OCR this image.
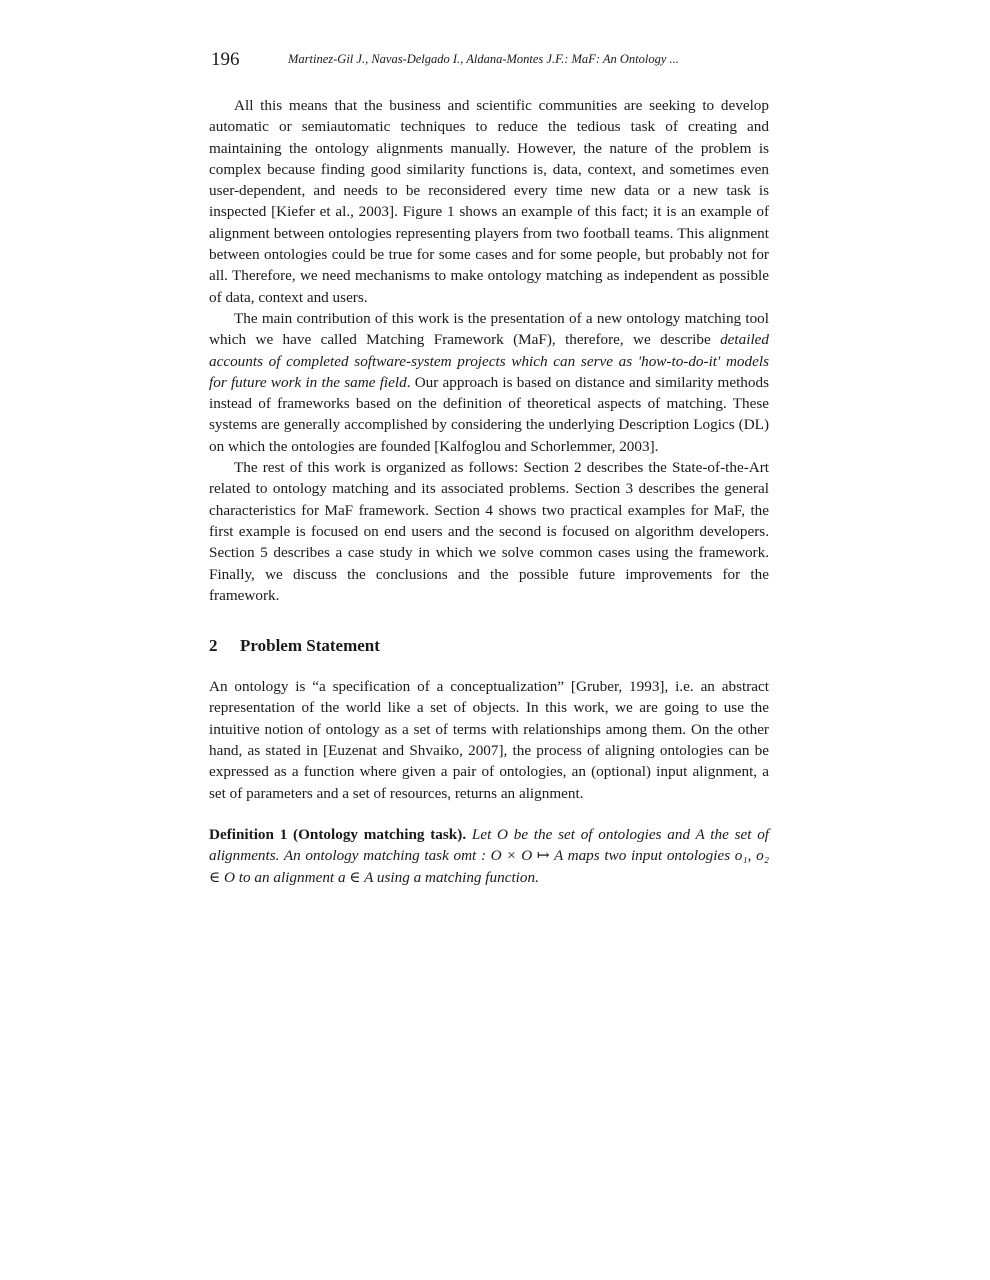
196	Martinez-Gil J., Navas-Delgado I., Aldana-Montes J.F.: MaF: An Ontology ...

All this means that the business and scientific communities are seeking to develop automatic or semiautomatic techniques to reduce the tedious task of creating and maintaining the ontology alignments manually. However, the nature of the problem is complex because finding good similarity functions is, data, context, and sometimes even user-dependent, and needs to be reconsidered every time new data or a new task is inspected [Kiefer et al., 2003]. Figure 1 shows an example of this fact; it is an example of alignment between ontologies representing players from two football teams. This alignment between ontologies could be true for some cases and for some people, but probably not for all. Therefore, we need mechanisms to make ontology matching as independent as possible of data, context and users.

The main contribution of this work is the presentation of a new ontology matching tool which we have called Matching Framework (MaF), therefore, we describe detailed accounts of completed software-system projects which can serve as 'how-to-do-it' models for future work in the same field. Our approach is based on distance and similarity methods instead of frameworks based on the definition of theoretical aspects of matching. These systems are generally accomplished by considering the underlying Description Logics (DL) on which the ontologies are founded [Kalfoglou and Schorlemmer, 2003].

The rest of this work is organized as follows: Section 2 describes the State-of-the-Art related to ontology matching and its associated problems. Section 3 describes the general characteristics for MaF framework. Section 4 shows two practical examples for MaF, the first example is focused on end users and the second is focused on algorithm developers. Section 5 describes a case study in which we solve common cases using the framework. Finally, we discuss the conclusions and the possible future improvements for the framework.

2 Problem Statement

An ontology is “a specification of a conceptualization” [Gruber, 1993], i.e. an abstract representation of the world like a set of objects. In this work, we are going to use the intuitive notion of ontology as a set of terms with relationships among them. On the other hand, as stated in [Euzenat and Shvaiko, 2007], the process of aligning ontologies can be expressed as a function where given a pair of ontologies, an (optional) input alignment, a set of parameters and a set of resources, returns an alignment.

Definition 1 (Ontology matching task). Let O be the set of ontologies and A the set of alignments. An ontology matching task omt : O × O ↦ A maps two input ontologies o₁, o₂ ∈ O to an alignment a ∈ A using a matching function.
